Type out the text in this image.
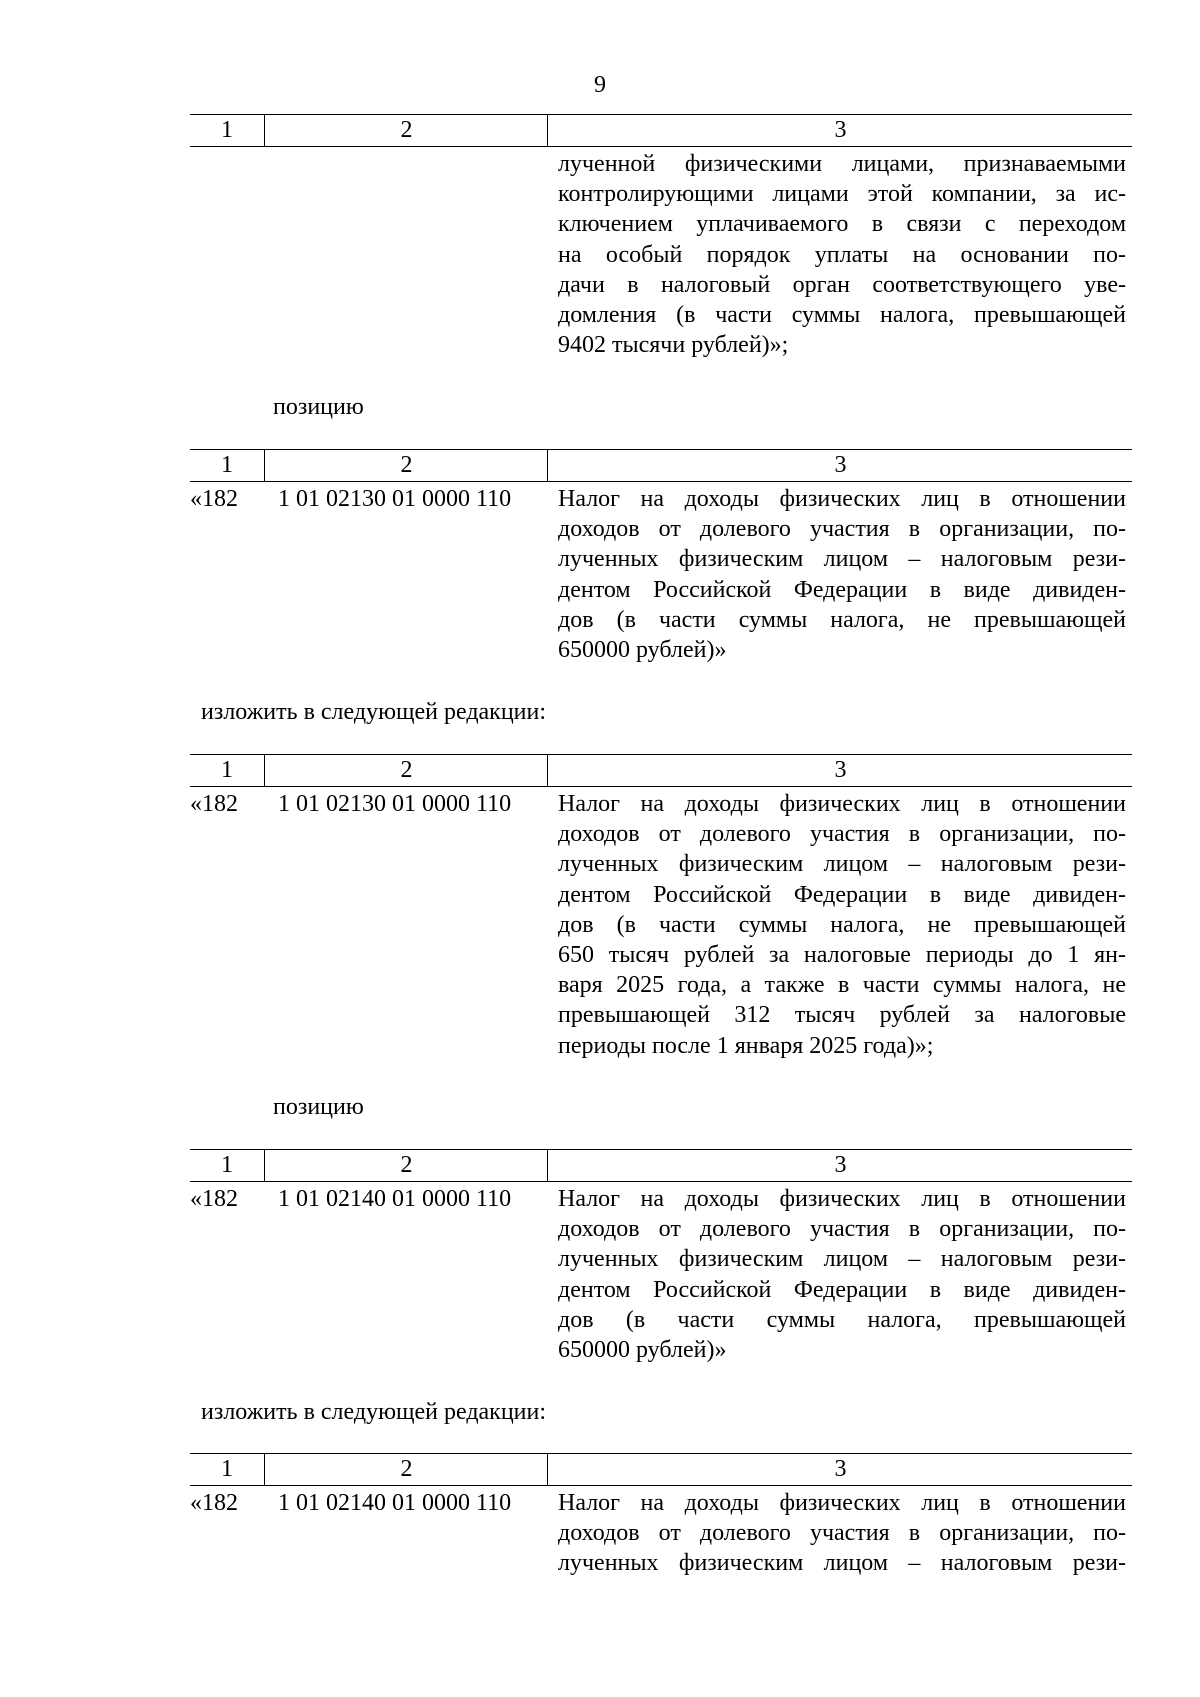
9
1	2	3
лученной физическими лицами, признаваемыми
контролирующими лицами этой компании, за ис-
ключением уплачиваемого в связи с переходом
на особый порядок уплаты на основании по-
дачи в налоговый орган соответствующего уве-
домления (в части суммы налога, превышающей
9402 тысячи рублей)»;
позицию
1	2	3
«182	1 01 02130 01 0000 110	Налог на доходы физических лиц в отношении
доходов от долевого участия в организации, по-
лученных физическим лицом – налоговым рези-
дентом Российской Федерации в виде дивиден-
дов (в части суммы налога, не превышающей
650000 рублей)»
изложить в следующей редакции:
1	2	3
«182	1 01 02130 01 0000 110	Налог на доходы физических лиц в отношении
доходов от долевого участия в организации, по-
лученных физическим лицом – налоговым рези-
дентом Российской Федерации в виде дивиден-
дов (в части суммы налога, не превышающей
650 тысяч рублей за налоговые периоды до 1 ян-
варя 2025 года, а также в части суммы налога, не
превышающей 312 тысяч рублей за налоговые
периоды после 1 января 2025 года)»;
позицию
1	2	3
«182	1 01 02140 01 0000 110	Налог на доходы физических лиц в отношении
доходов от долевого участия в организации, по-
лученных физическим лицом – налоговым рези-
дентом Российской Федерации в виде дивиден-
дов (в части суммы налога, превышающей
650000 рублей)»
изложить в следующей редакции:
1	2	3
«182	1 01 02140 01 0000 110	Налог на доходы физических лиц в отношении
доходов от долевого участия в организации, по-
лученных физическим лицом – налоговым рези-
